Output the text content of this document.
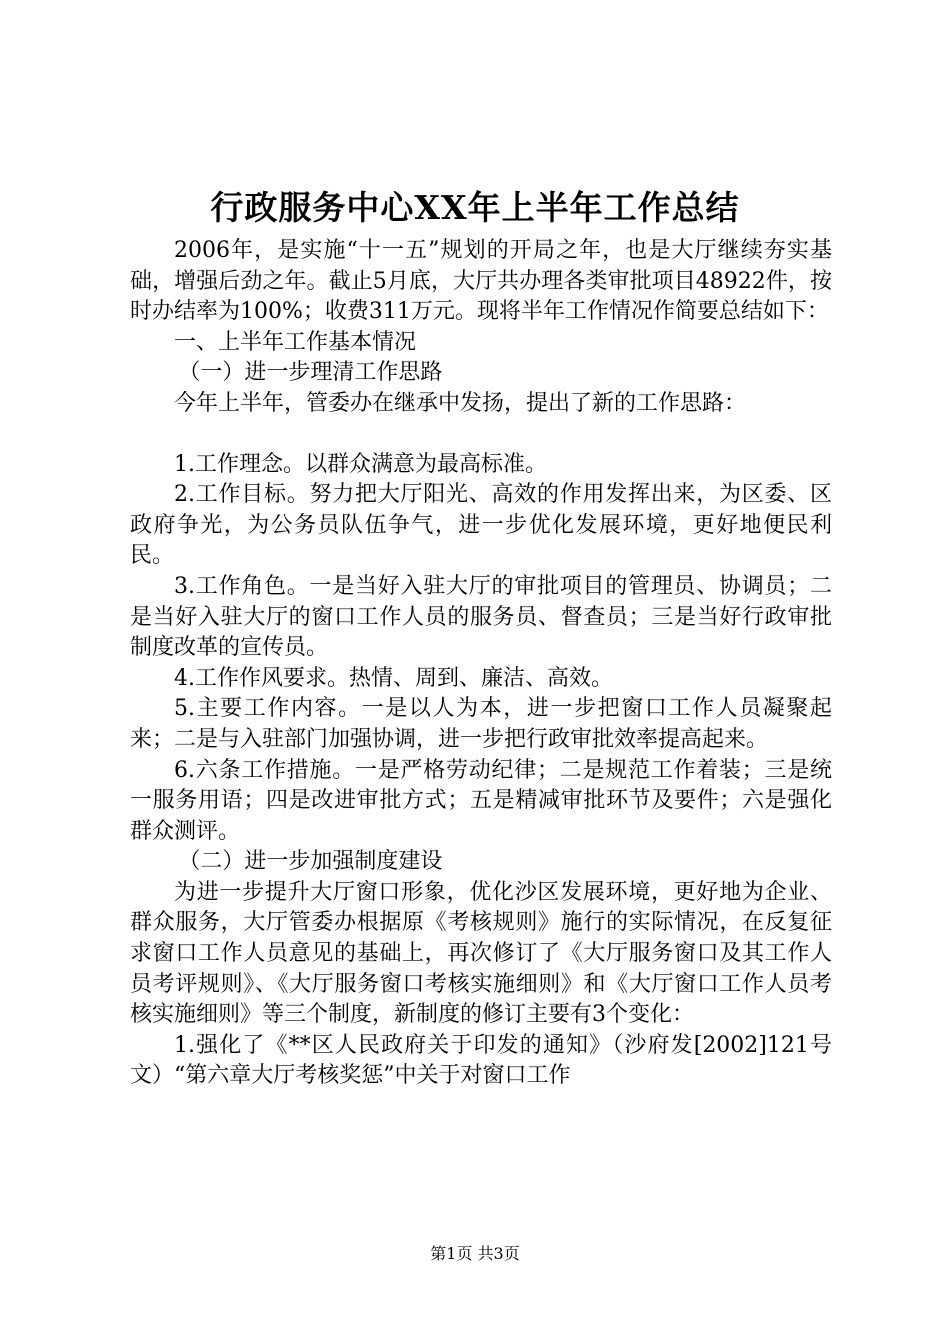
行政服务中心XX年上半年工作总结

2006年，是实施“十一五”规划的开局之年，也是大厅继续夯实基础，增强后劲之年。截止5月底，大厅共办理各类审批项目48922件，按时办结率为100%；收费311万元。现将半年工作情况作简要总结如下：

一、上半年工作基本情况

（一）进一步理清工作思路

今年上半年，管委办在继承中发扬，提出了新的工作思路：

1.工作理念。以群众满意为最高标准。

2.工作目标。努力把大厅阳光、高效的作用发挥出来，为区委、区政府争光，为公务员队伍争气，进一步优化发展环境，更好地便民利民。

3.工作角色。一是当好入驻大厅的审批项目的管理员、协调员；二是当好入驻大厅的窗口工作人员的服务员、督查员；三是当好行政审批制度改革的宣传员。

4.工作作风要求。热情、周到、廉洁、高效。

5.主要工作内容。一是以人为本，进一步把窗口工作人员凝聚起来；二是与入驻部门加强协调，进一步把行政审批效率提高起来。

6.六条工作措施。一是严格劳动纪律；二是规范工作着装；三是统一服务用语；四是改进审批方式；五是精减审批环节及要件；六是强化群众测评。

（二）进一步加强制度建设

为进一步提升大厅窗口形象，优化沙区发展环境，更好地为企业、群众服务，大厅管委办根据原《考核规则》施行的实际情况，在反复征求窗口工作人员意见的基础上，再次修订了《大厅服务窗口及其工作人员考评规则》、《大厅服务窗口考核实施细则》和《大厅窗口工作人员考核实施细则》等三个制度，新制度的修订主要有3个变化：

1.强化了《**区人民政府关于印发的通知》（沙府发[2002]121号文）“第六章大厅考核奖惩”中关于对窗口工作

第1页 共3页
